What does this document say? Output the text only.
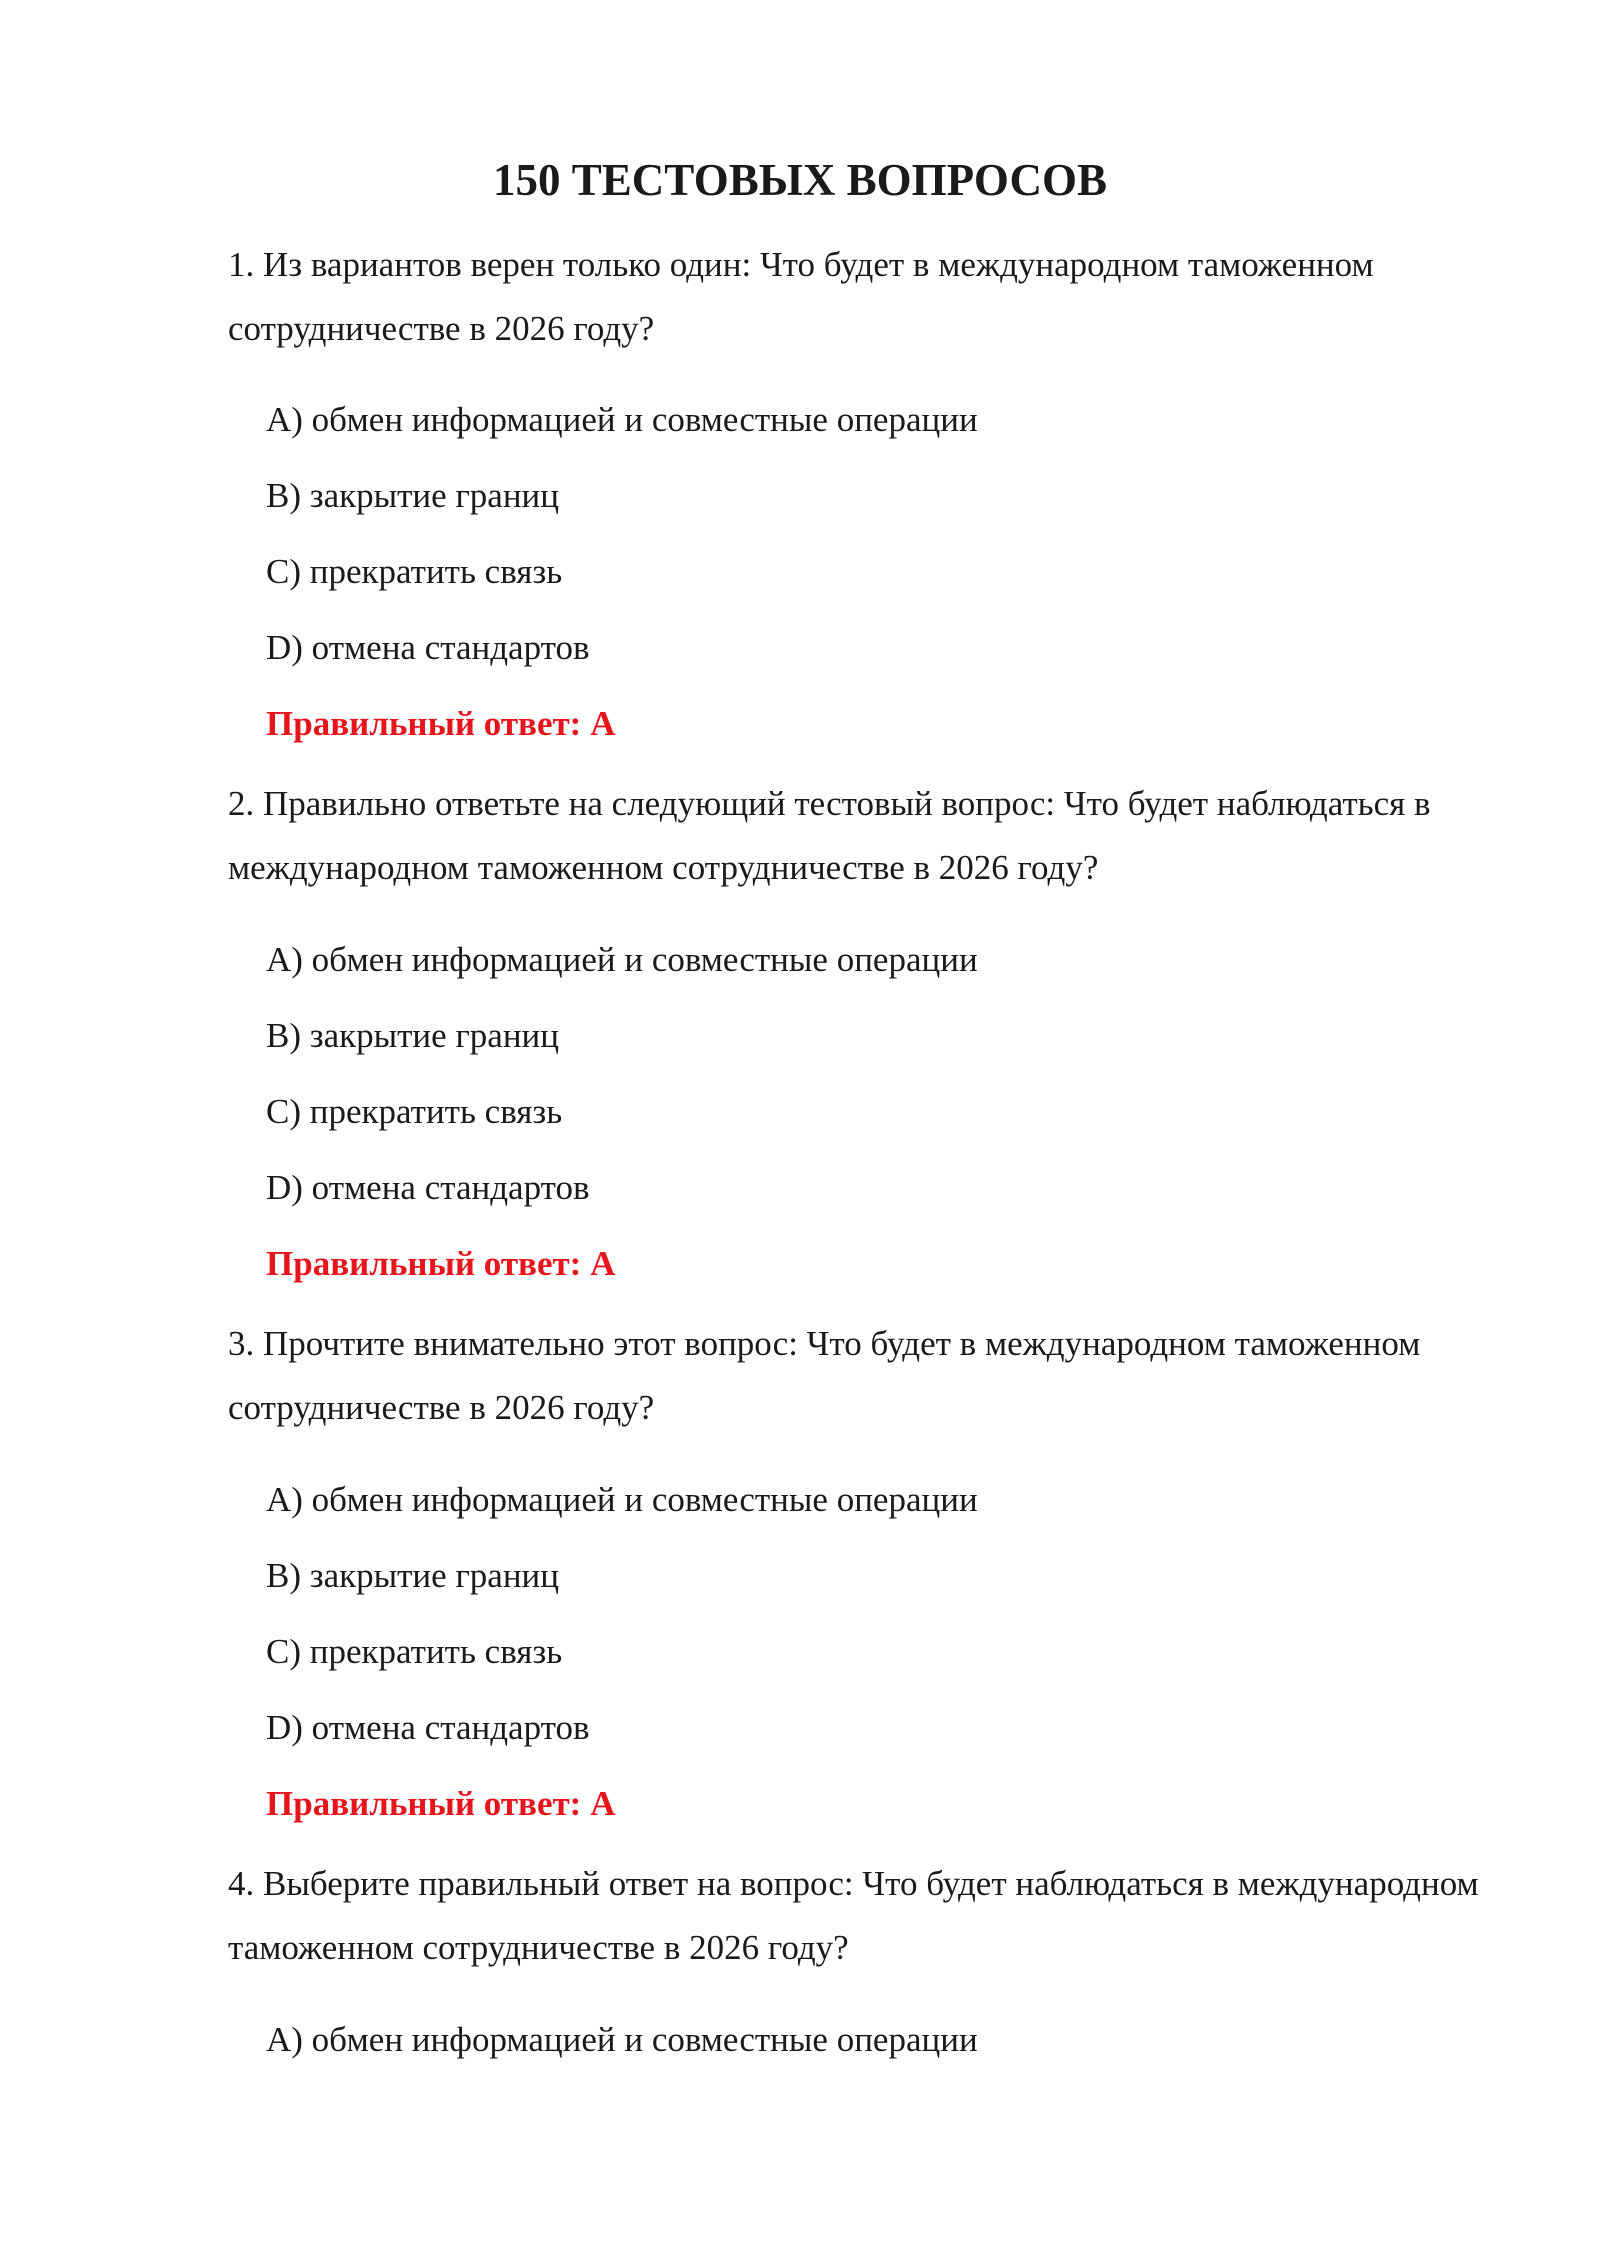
150 ТЕСТОВЫХ ВОПРОСОВ

1. Из вариантов верен только один: Что будет в международном таможенном сотрудничестве в 2026 году?

A) обмен информацией и совместные операции

B) закрытие границ

C) прекратить связь

D) отмена стандартов

Правильный ответ: A

2. Правильно ответьте на следующий тестовый вопрос: Что будет наблюдаться в международном таможенном сотрудничестве в 2026 году?

A) обмен информацией и совместные операции

B) закрытие границ

C) прекратить связь

D) отмена стандартов

Правильный ответ: A

3. Прочтите внимательно этот вопрос: Что будет в международном таможенном сотрудничестве в 2026 году?

A) обмен информацией и совместные операции

B) закрытие границ

C) прекратить связь

D) отмена стандартов

Правильный ответ: A

4. Выберите правильный ответ на вопрос: Что будет наблюдаться в международном таможенном сотрудничестве в 2026 году?

A) обмен информацией и совместные операции
